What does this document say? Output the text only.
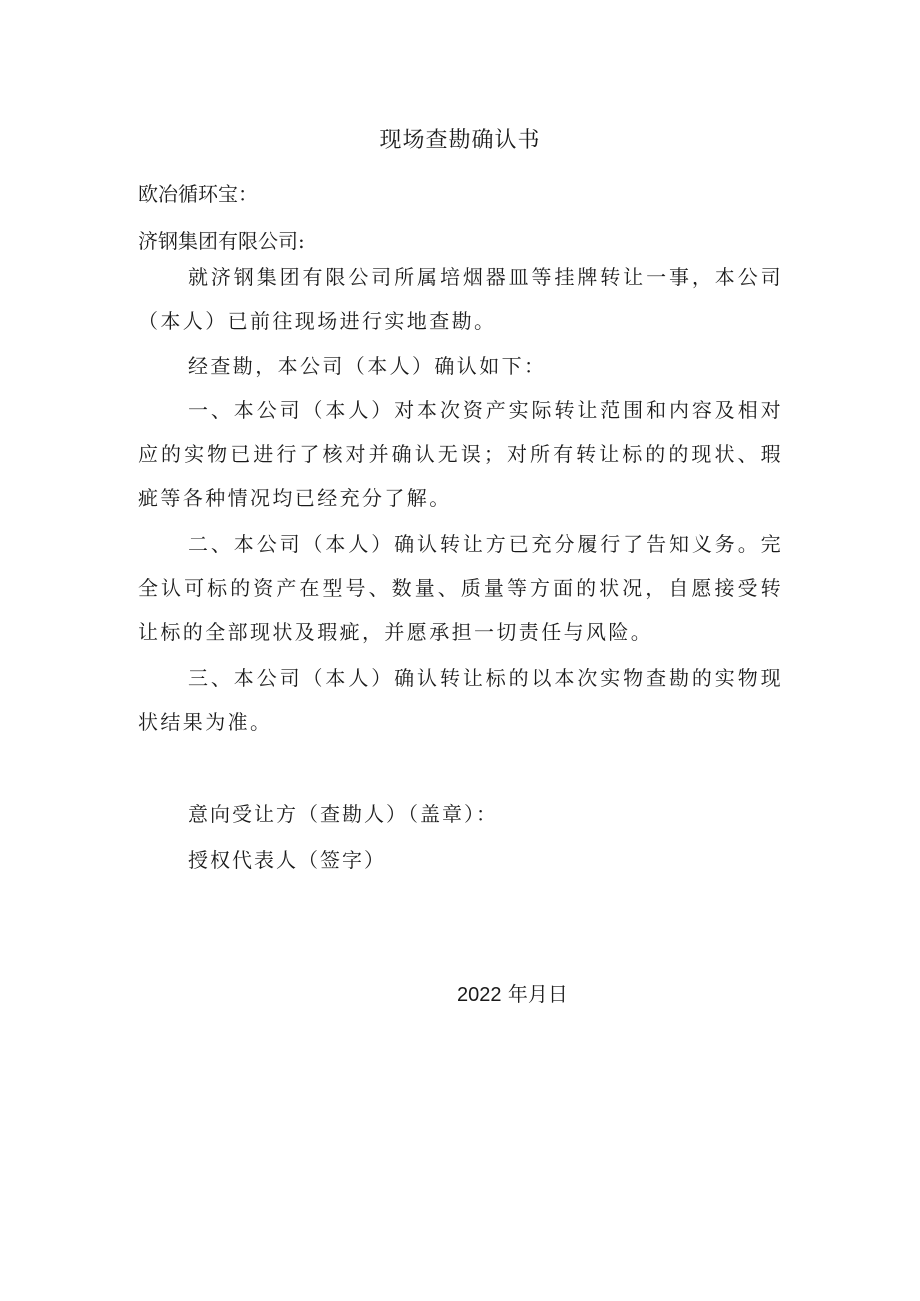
现场查勘确认书
欧冶循环宝：
济钢集团有限公司:
就济钢集团有限公司所属培烟器皿等挂牌转让一事，本公司（本人）已前往现场进行实地查勘。
经查勘，本公司（本人）确认如下：
一、本公司（本人）对本次资产实际转让范围和内容及相对应的实物已进行了核对并确认无误；对所有转让标的的现状、瑕疵等各种情况均已经充分了解。
二、本公司（本人）确认转让方已充分履行了告知义务。完全认可标的资产在型号、数量、质量等方面的状况，自愿接受转让标的全部现状及瑕疵，并愿承担一切责任与风险。
三、本公司（本人）确认转让标的以本次实物查勘的实物现状结果为准。
意向受让方（查勘人）（盖章）：
授权代表人（签字）
2022 年月日
